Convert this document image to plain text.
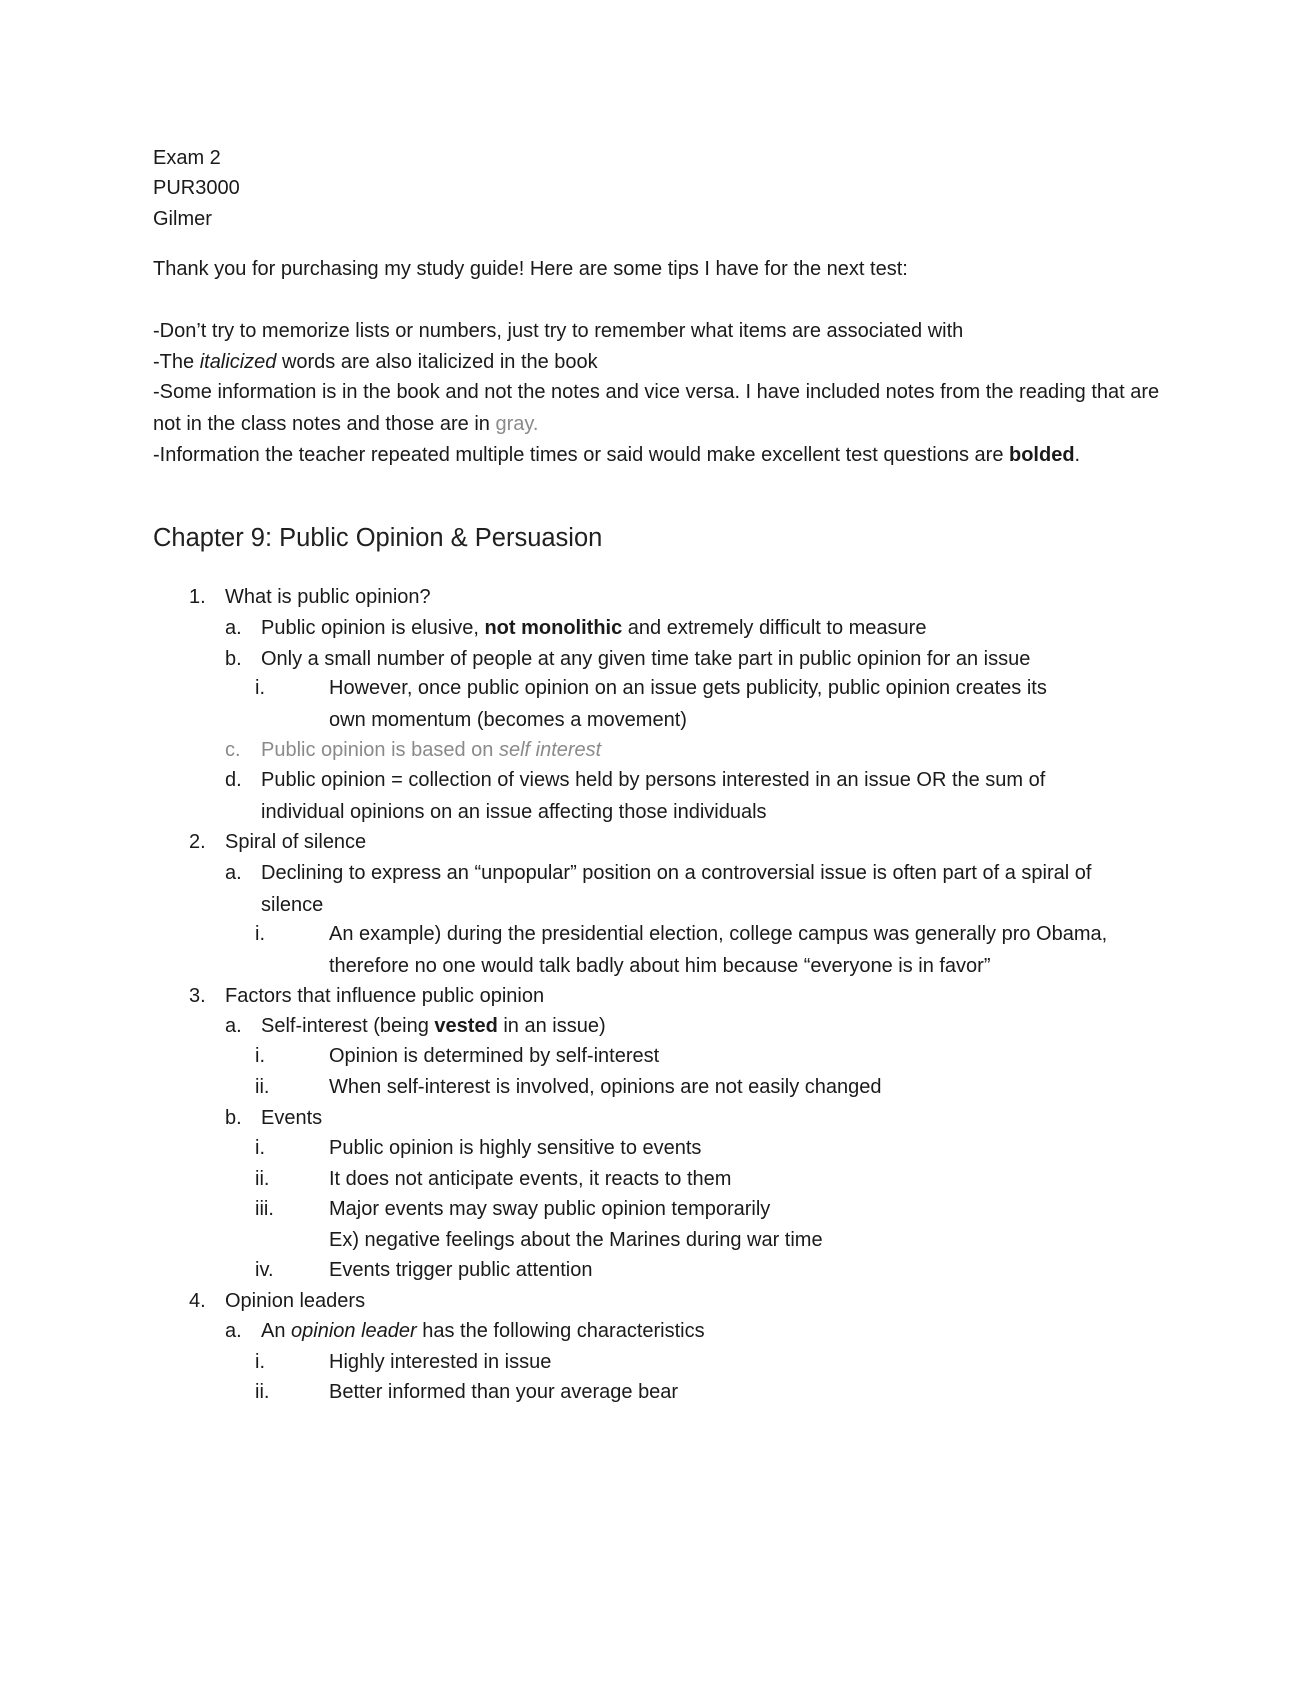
Exam 2
PUR3000
Gilmer
Thank you for purchasing my study guide! Here are some tips I have for the next test:
-Don’t try to memorize lists or numbers, just try to remember what items are associated with
-The italicized words are also italicized in the book
-Some information is in the book and not the notes and vice versa. I have included notes from the reading that are not in the class notes and those are in gray.
-Information the teacher repeated multiple times or said would make excellent test questions are bolded.
Chapter 9: Public Opinion & Persuasion
1. What is public opinion?
a. Public opinion is elusive, not monolithic and extremely difficult to measure
b. Only a small number of people at any given time take part in public opinion for an issue
i.	However, once public opinion on an issue gets publicity, public opinion creates its own momentum (becomes a movement)
c. Public opinion is based on self interest
d. Public opinion = collection of views held by persons interested in an issue OR the sum of individual opinions on an issue affecting those individuals
2. Spiral of silence
a. Declining to express an “unpopular” position on a controversial issue is often part of a spiral of silence
i.	An example) during the presidential election, college campus was generally pro Obama, therefore no one would talk badly about him because “everyone is in favor”
3. Factors that influence public opinion
a. Self-interest (being vested in an issue)
i.	Opinion is determined by self-interest
ii.	When self-interest is involved, opinions are not easily changed
b. Events
i.	Public opinion is highly sensitive to events
ii.	It does not anticipate events, it reacts to them
iii.	Major events may sway public opinion temporarily
Ex) negative feelings about the Marines during war time
iv.	Events trigger public attention
4. Opinion leaders
a. An opinion leader has the following characteristics
i.	Highly interested in issue
ii.	Better informed than your average bear
